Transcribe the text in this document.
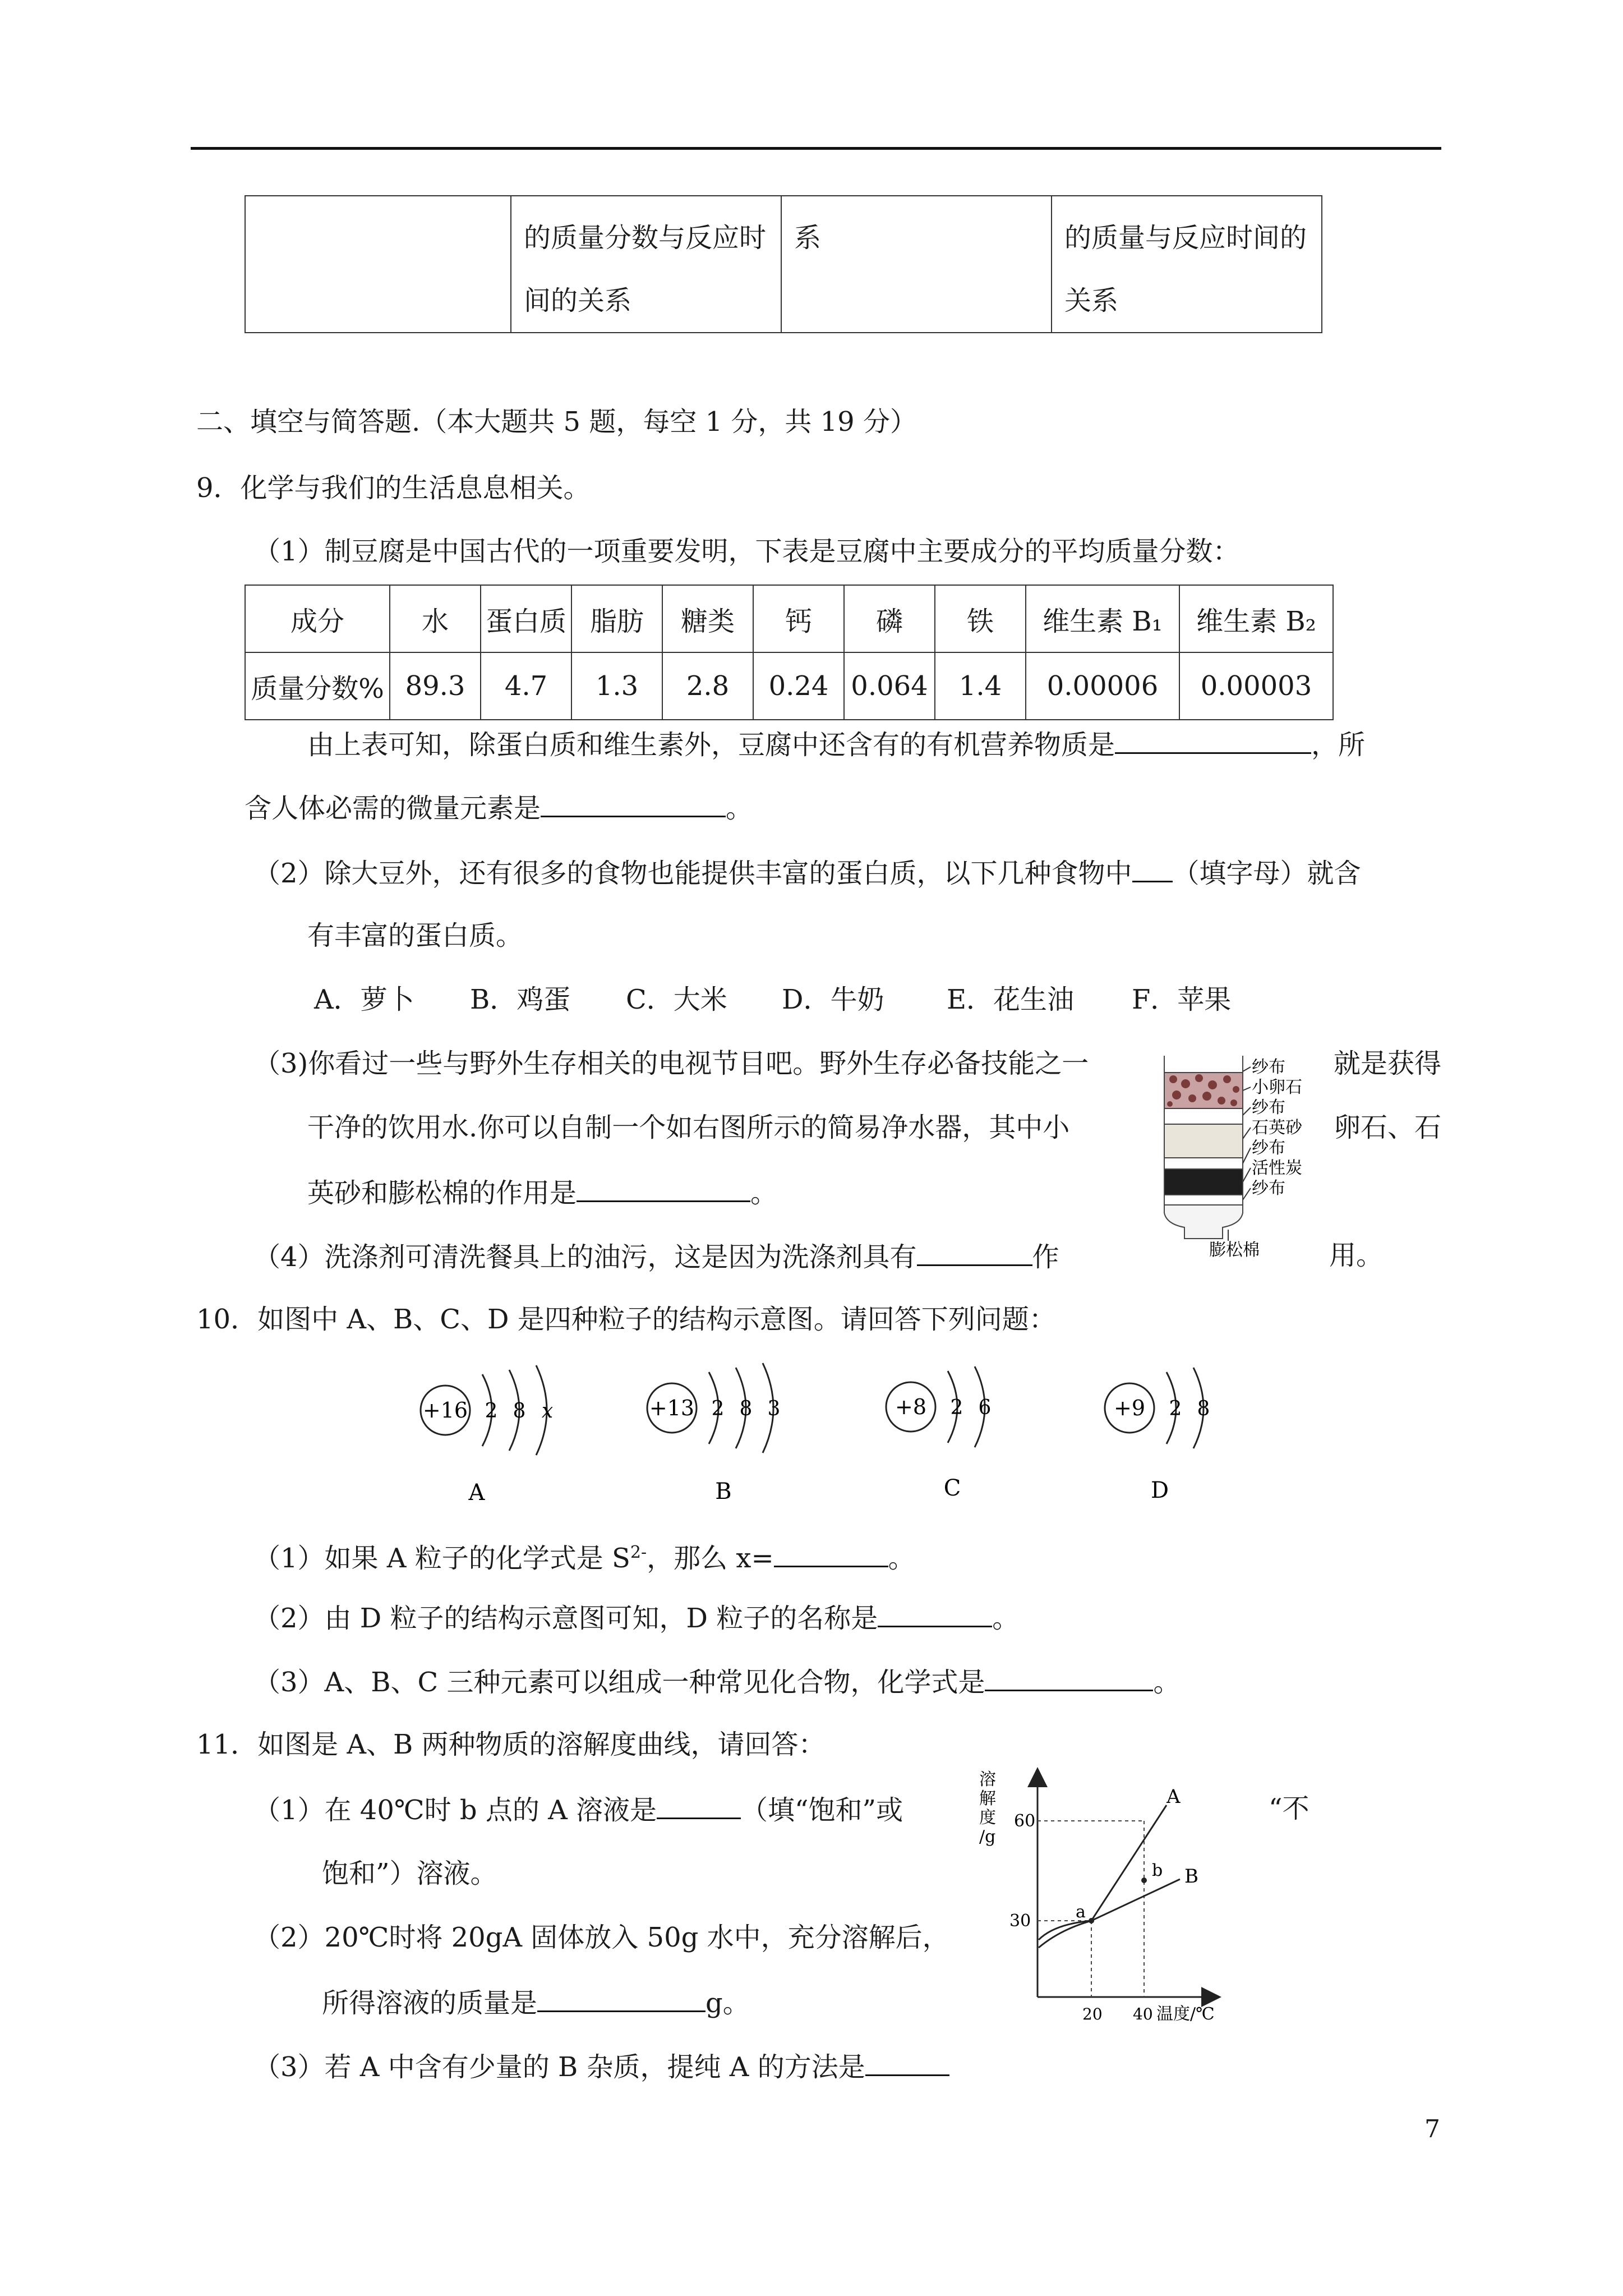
	的质量分数与反应时间的关系	系	的质量与反应时间的关系
二、填空与简答题.（本大题共 5 题，每空 1 分，共 19 分）
9．化学与我们的生活息息相关。
（1）制豆腐是中国古代的一项重要发明，下表是豆腐中主要成分的平均质量分数：
成分	水	蛋白质	脂肪	糖类	钙	磷	铁	维生素 B₁	维生素 B₂
质量分数%	89.3	4.7	1.3	2.8	0.24	0.064	1.4	0.00006	0.00003
由上表可知，除蛋白质和维生素外，豆腐中还含有的有机营养物质是	，所
含人体必需的微量元素是	。
（2）除大豆外，还有很多的食物也能提供丰富的蛋白质，以下几种食物中 （填字母）就含
有丰富的蛋白质。
A．萝卜 B．鸡蛋 C．大米 D．牛奶 E．花生油 F．苹果
（3)你看过一些与野外生存相关的电视节目吧。野外生存必备技能之一	就是获得
干净的饮用水.你可以自制一个如右图所示的简易净水器，其中小	卵石、石
英砂和膨松棉的作用是	。
（4）洗涤剂可清洗餐具上的油污，这是因为洗涤剂具有	作	用。
纱布
小卵石
纱布
石英砂
纱布
活性炭
纱布
膨松棉
10．如图中 A、B、C、D 是四种粒子的结构示意图。请回答下列问题：
+16 2 8 x
A
+13 2 8 3
B
+8 2 6
C
+9 2 8
D
（1）如果 A 粒子的化学式是 $S^{2-}$，那么 x=	。
（2）由 D 粒子的结构示意图可知，D 粒子的名称是	。
（3）A、B、C 三种元素可以组成一种常见化合物，化学式是	。
11．如图是 A、B 两种物质的溶解度曲线，请回答：
（1）在 40℃时 b 点的 A 溶液是	（填“饱和”或	“不
饱和”）溶液。
（2）20℃时将 20gA 固体放入 50g 水中，充分溶解后，
所得溶液的质量是	g。
（3）若 A 中含有少量的 B 杂质，提纯 A 的方法是
溶
解
度
/g
60
30
20 40 温度/℃
A
B
a
b
7
